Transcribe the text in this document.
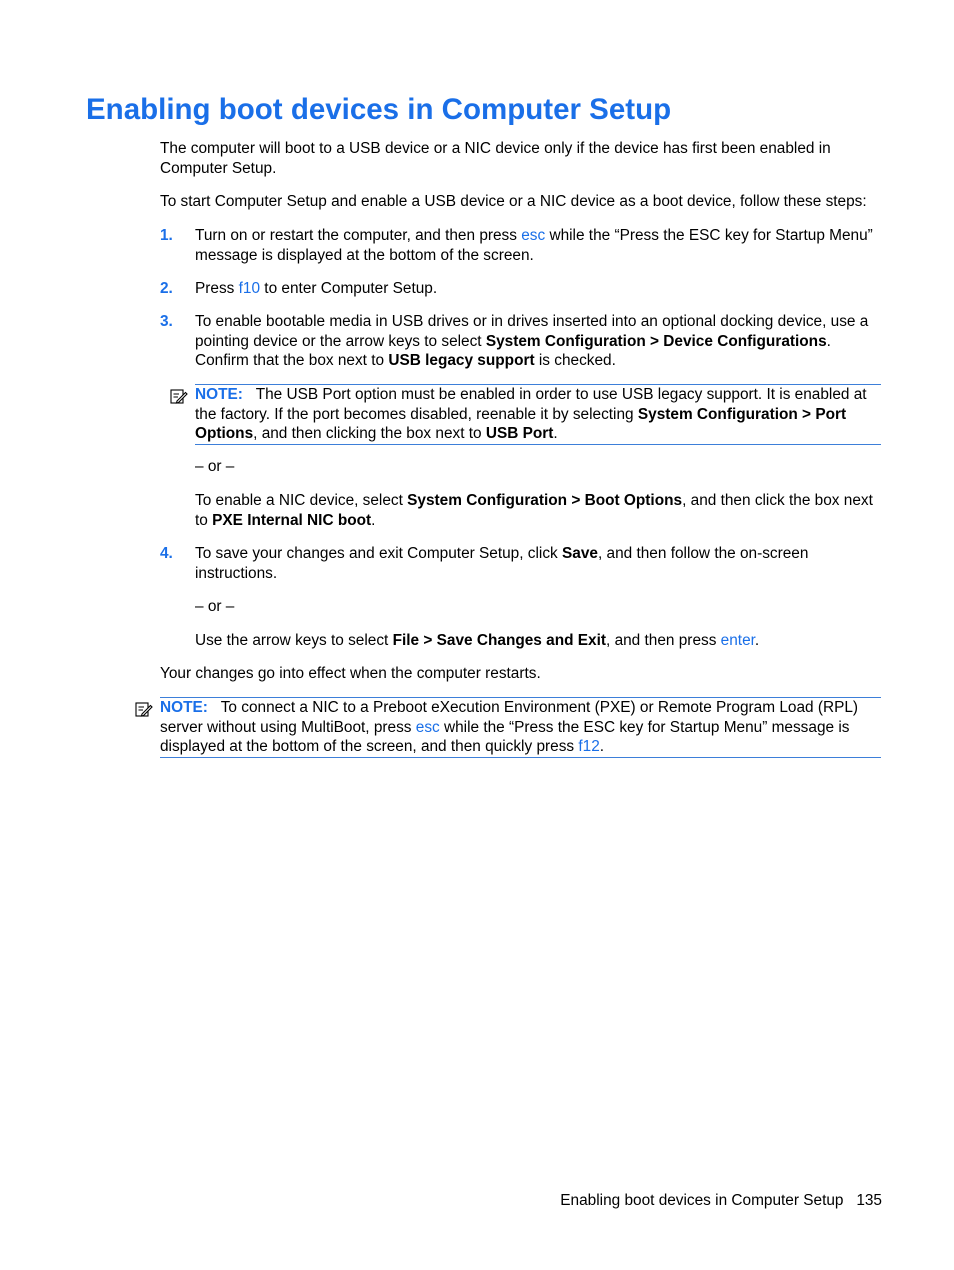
Enabling boot devices in Computer Setup
The computer will boot to a USB device or a NIC device only if the device has first been enabled in Computer Setup.
To start Computer Setup and enable a USB device or a NIC device as a boot device, follow these steps:
1. Turn on or restart the computer, and then press esc while the “Press the ESC key for Startup Menu” message is displayed at the bottom of the screen.
2. Press f10 to enter Computer Setup.
3. To enable bootable media in USB drives or in drives inserted into an optional docking device, use a pointing device or the arrow keys to select System Configuration > Device Configurations. Confirm that the box next to USB legacy support is checked.
NOTE: The USB Port option must be enabled in order to use USB legacy support. It is enabled at the factory. If the port becomes disabled, reenable it by selecting System Configuration > Port Options, and then clicking the box next to USB Port.
– or –
To enable a NIC device, select System Configuration > Boot Options, and then click the box next to PXE Internal NIC boot.
4. To save your changes and exit Computer Setup, click Save, and then follow the on-screen instructions.
– or –
Use the arrow keys to select File > Save Changes and Exit, and then press enter.
Your changes go into effect when the computer restarts.
NOTE: To connect a NIC to a Preboot eXecution Environment (PXE) or Remote Program Load (RPL) server without using MultiBoot, press esc while the “Press the ESC key for Startup Menu” message is displayed at the bottom of the screen, and then quickly press f12.
Enabling boot devices in Computer Setup 135
